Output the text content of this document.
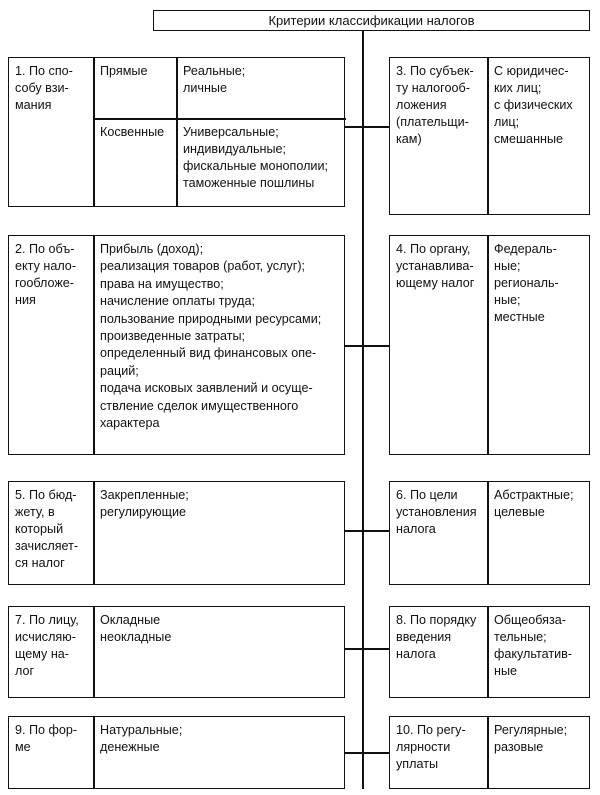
Критерии классификации налогов
1. По спо-
собу взи-
мания
Прямые	Реальные;
личные
Косвенные	Универсальные;
индивидуальные;
фискальные монополии;
таможенные пошлины
2. По объ-
екту нало-
гообложе-
ния
Прибыль (доход);
реализация товаров (работ, услуг);
права на имущество;
начисление оплаты труда;
пользование природными ресурсами;
произведенные затраты;
определенный вид финансовых опе-
раций;
подача исковых заявлений и осуще-
ствление сделок имущественного
характера
5. По бюд-
жету, в
который
зачисляет-
ся налог
Закрепленные;
регулирующие
7. По лицу,
исчисляю-
щему на-
лог
Окладные
неокладные
9. По фор-
ме
Натуральные;
денежные
3. По субъек-
ту налогооб-
ложения
(плательщи-
кам)
С юридичес-
ких лиц;
с физических
лиц;
смешанные
4. По органу,
устанавлива-
ющему налог
Федераль-
ные;
региональ-
ные;
местные
6. По цели
установления
налога
Абстрактные;
целевые
8. По порядку
введения
налога
Общеобяза-
тельные;
факультатив-
ные
10. По регу-
лярности
уплаты
Регулярные;
разовые
